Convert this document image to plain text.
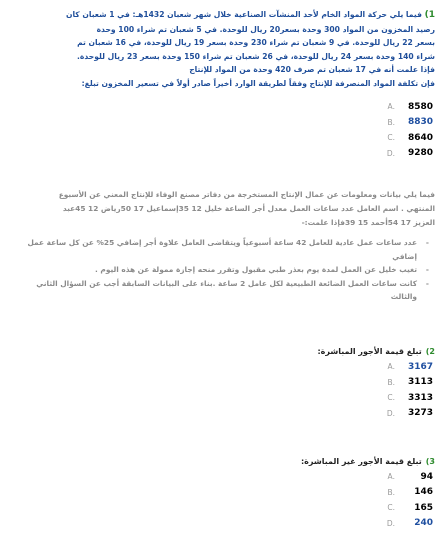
1) فيما يلي حركة المواد الخام لأحد المنشآت الصناعية خلال شهر شعبان 1432هـ: في 1 شعبان كان
رصيد المخزون من المواد 300 وحدة بسعر20 ريال للوحدة. في 5 شعبان تم شراء 100 وحدة
بسعر 22 ريال للوحدة. في 9 شعبان تم شراء 230 وحدة بسعر 19 ريال للوحدة، في 16 شعبان تم
شراء 140 وحدة بسعر 24 ريال للوحدة، في 26 شعبان تم شراء 150 وحدة بسعر 23 ريال للوحدة.
فإذا علمت أنه في 17 شعبان تم صرف 420 وحدة من المواد للإنتاج
فإن تكلفة المواد المنصرفة للإنتاج وفقاً لطريقة الوارد أخيراً صادر أولاً في تسعير المخزون تبلغ:
8580
.A
8830
.B
8640
.C
9280
.D
فيما يلي بيانات ومعلومات عن عمال الإنتاج المستخرجة من دفاتر مصنع الوفاء للإنتاج المعني عن الأسبوع
المنتهي . اسم العامل عدد ساعات العمل معدل أجر الساعة خليل 12 35إسماعيل 17 50رياض 12 45عبد
العزيز 17 54أحمد 15 39فإذا علمت:-
- عدد ساعات عمل عادية للعامل 42 ساعة أسبوعياً ويتقاضى العامل علاوة أجر إضافي 25% عن كل ساعة عمل إضافي
- تغيب خليل عن العمل لمدة يوم بعذر طبي مقبول وتقرر منحه إجازة ممولة عن هذه اليوم .
- كانت ساعات العمل الضائعة الطبيعية لكل عامل 2 ساعة .بناء على البيانات السابقة أجب عن السؤال الثاني والثالث
2)تبلغ قيمة الأجور المباشرة:
3167
.A
3113
.B
3313
.C
3273
.D
3)تبلغ قيمة الأجور غير المباشرة:
94
.A
146
.B
165
.C
240
.D
